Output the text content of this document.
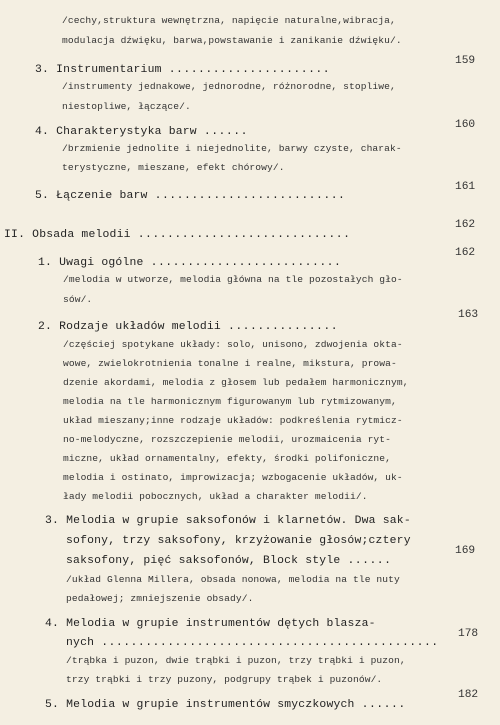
/cechy,struktura wewnętrzna, napięcie naturalne,wibracja,
modulacja dźwięku, barwa,powstawanie i zanikanie dźwięku/.
3. Instrumentarium ......................
159
/instrumenty jednakowe, jednorodne, różnorodne, stopliwe,
niestopliwe, łączące/.
4. Charakterystyka barw ......
160
/brzmienie jednolite i niejednolite, barwy czyste, charak-
terystyczne, mieszane, efekt chórowy/.
5. Łączenie barw ..........................
161
II. Obsada melodii .............................
162
1. Uwagi ogólne ..........................
162
/melodia w utworze, melodia główna na tle pozostałych gło-
sów/.
2. Rodzaje układów melodii ...............
163
/częściej spotykane układy: solo, unisono, zdwojenia okta-
wowe, zwielokrotnienia tonalne i realne, mikstura, prowa-
dzenie akordami, melodia z głosem lub pedałem harmonicznym,
melodia na tle harmonicznym figurowanym lub rytmizowanym,
układ mieszany;inne rodzaje układów: podkreślenia rytmicz-
no-melodyczne, rozszczepienie melodii, urozmaicenia ryt-
miczne, układ ornamentalny, efekty, środki polifoniczne,
melodia i ostinato, improwizacja; wzbogacenie układów, uk-
łady melodii pobocznych, układ a charakter melodii/.
3. Melodia w grupie saksofonów i klarnetów. Dwa sak-
sofony, trzy saksofony, krzyżowanie głosów;cztery
saksofony, pięć saksofonów, Block style ......
169
/układ Glenna Millera, obsada nonowa, melodia na tle nuty
pedałowej; zmniejszenie obsady/.
4. Melodia w grupie instrumentów dętych blasza-
nych ..............................................
178
/trąbka i puzon, dwie trąbki i puzon, trzy trąbki i puzon,
trzy trąbki i trzy puzony, podgrupy trąbek i puzonów/.
5. Melodia w grupie instrumentów smyczkowych ......
182
